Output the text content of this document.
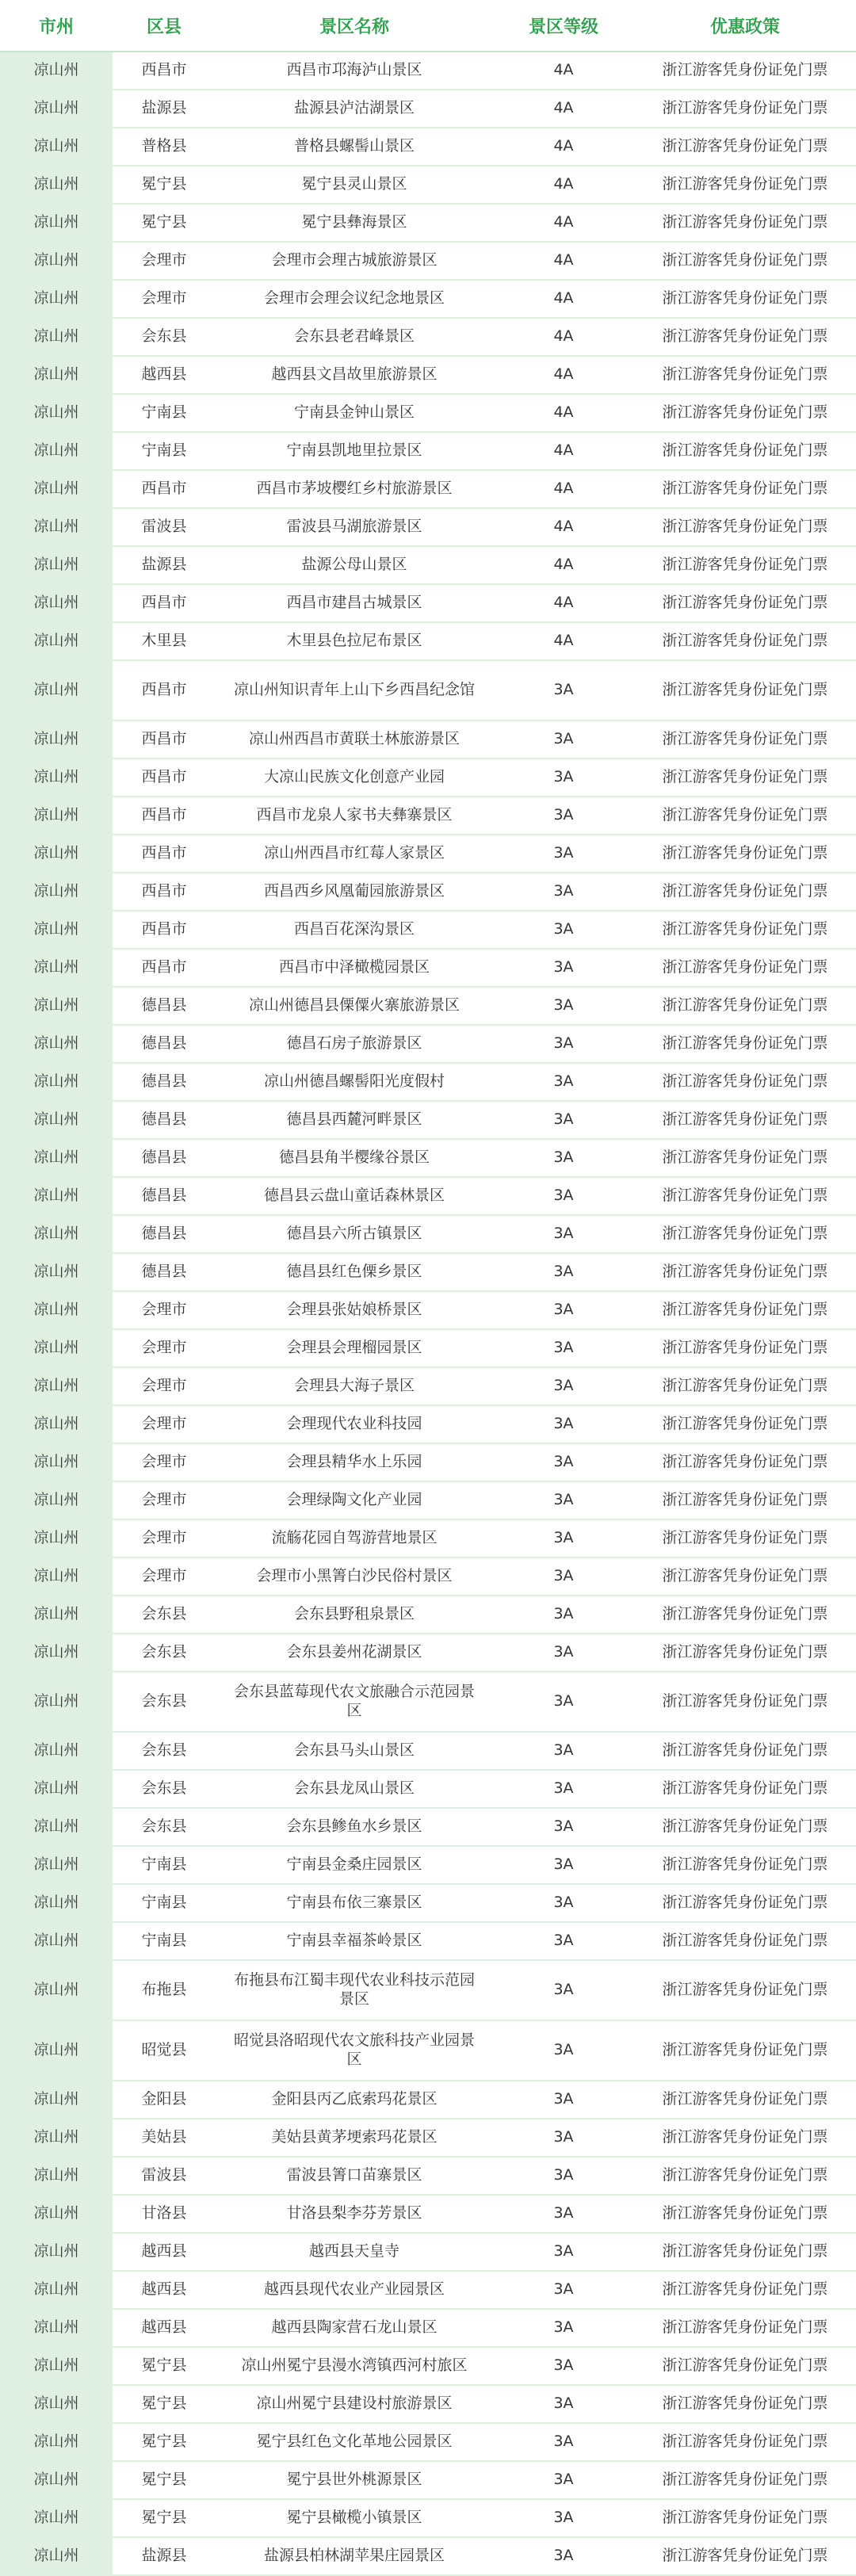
市州	区县	景区名称	景区等级	优惠政策
凉山州	西昌市	西昌市邛海泸山景区	4A	浙江游客凭身份证免门票
凉山州	盐源县	盐源县泸沽湖景区	4A	浙江游客凭身份证免门票
凉山州	普格县	普格县螺髻山景区	4A	浙江游客凭身份证免门票
凉山州	冕宁县	冕宁县灵山景区	4A	浙江游客凭身份证免门票
凉山州	冕宁县	冕宁县彝海景区	4A	浙江游客凭身份证免门票
凉山州	会理市	会理市会理古城旅游景区	4A	浙江游客凭身份证免门票
凉山州	会理市	会理市会理会议纪念地景区	4A	浙江游客凭身份证免门票
凉山州	会东县	会东县老君峰景区	4A	浙江游客凭身份证免门票
凉山州	越西县	越西县文昌故里旅游景区	4A	浙江游客凭身份证免门票
凉山州	宁南县	宁南县金钟山景区	4A	浙江游客凭身份证免门票
凉山州	宁南县	宁南县凯地里拉景区	4A	浙江游客凭身份证免门票
凉山州	西昌市	西昌市茅坡樱红乡村旅游景区	4A	浙江游客凭身份证免门票
凉山州	雷波县	雷波县马湖旅游景区	4A	浙江游客凭身份证免门票
凉山州	盐源县	盐源公母山景区	4A	浙江游客凭身份证免门票
凉山州	西昌市	西昌市建昌古城景区	4A	浙江游客凭身份证免门票
凉山州	木里县	木里县色拉尼布景区	4A	浙江游客凭身份证免门票
凉山州	西昌市	凉山州知识青年上山下乡西昌纪念馆	3A	浙江游客凭身份证免门票
凉山州	西昌市	凉山州西昌市黄联土林旅游景区	3A	浙江游客凭身份证免门票
凉山州	西昌市	大凉山民族文化创意产业园	3A	浙江游客凭身份证免门票
凉山州	西昌市	西昌市龙泉人家书夫彝寨景区	3A	浙江游客凭身份证免门票
凉山州	西昌市	凉山州西昌市红莓人家景区	3A	浙江游客凭身份证免门票
凉山州	西昌市	西昌西乡风凰葡园旅游景区	3A	浙江游客凭身份证免门票
凉山州	西昌市	西昌百花深沟景区	3A	浙江游客凭身份证免门票
凉山州	西昌市	西昌市中泽橄榄园景区	3A	浙江游客凭身份证免门票
凉山州	德昌县	凉山州德昌县傈僳火寨旅游景区	3A	浙江游客凭身份证免门票
凉山州	德昌县	德昌石房子旅游景区	3A	浙江游客凭身份证免门票
凉山州	德昌县	凉山州德昌螺髻阳光度假村	3A	浙江游客凭身份证免门票
凉山州	德昌县	德昌县西麓河畔景区	3A	浙江游客凭身份证免门票
凉山州	德昌县	德昌县角半樱缘谷景区	3A	浙江游客凭身份证免门票
凉山州	德昌县	德昌县云盘山童话森林景区	3A	浙江游客凭身份证免门票
凉山州	德昌县	德昌县六所古镇景区	3A	浙江游客凭身份证免门票
凉山州	德昌县	德昌县红色傈乡景区	3A	浙江游客凭身份证免门票
凉山州	会理市	会理县张姑娘桥景区	3A	浙江游客凭身份证免门票
凉山州	会理市	会理县会理榴园景区	3A	浙江游客凭身份证免门票
凉山州	会理市	会理县大海子景区	3A	浙江游客凭身份证免门票
凉山州	会理市	会理现代农业科技园	3A	浙江游客凭身份证免门票
凉山州	会理市	会理县精华水上乐园	3A	浙江游客凭身份证免门票
凉山州	会理市	会理绿陶文化产业园	3A	浙江游客凭身份证免门票
凉山州	会理市	流觞花园自驾游营地景区	3A	浙江游客凭身份证免门票
凉山州	会理市	会理市小黑箐白沙民俗村景区	3A	浙江游客凭身份证免门票
凉山州	会东县	会东县野租泉景区	3A	浙江游客凭身份证免门票
凉山州	会东县	会东县姜州花湖景区	3A	浙江游客凭身份证免门票
凉山州	会东县	会东县蓝莓现代农文旅融合示范园景区	3A	浙江游客凭身份证免门票
凉山州	会东县	会东县马头山景区	3A	浙江游客凭身份证免门票
凉山州	会东县	会东县龙凤山景区	3A	浙江游客凭身份证免门票
凉山州	会东县	会东县鲹鱼水乡景区	3A	浙江游客凭身份证免门票
凉山州	宁南县	宁南县金桑庄园景区	3A	浙江游客凭身份证免门票
凉山州	宁南县	宁南县布依三寨景区	3A	浙江游客凭身份证免门票
凉山州	宁南县	宁南县幸福茶岭景区	3A	浙江游客凭身份证免门票
凉山州	布拖县	布拖县布江蜀丰现代农业科技示范园景区	3A	浙江游客凭身份证免门票
凉山州	昭觉县	昭觉县洛昭现代农文旅科技产业园景区	3A	浙江游客凭身份证免门票
凉山州	金阳县	金阳县丙乙底索玛花景区	3A	浙江游客凭身份证免门票
凉山州	美姑县	美姑县黄茅埂索玛花景区	3A	浙江游客凭身份证免门票
凉山州	雷波县	雷波县箐口苗寨景区	3A	浙江游客凭身份证免门票
凉山州	甘洛县	甘洛县梨李芬芳景区	3A	浙江游客凭身份证免门票
凉山州	越西县	越西县天皇寺	3A	浙江游客凭身份证免门票
凉山州	越西县	越西县现代农业产业园景区	3A	浙江游客凭身份证免门票
凉山州	越西县	越西县陶家营石龙山景区	3A	浙江游客凭身份证免门票
凉山州	冕宁县	凉山州冕宁县漫水湾镇西河村旅区	3A	浙江游客凭身份证免门票
凉山州	冕宁县	凉山州冕宁县建设村旅游景区	3A	浙江游客凭身份证免门票
凉山州	冕宁县	冕宁县红色文化革地公园景区	3A	浙江游客凭身份证免门票
凉山州	冕宁县	冕宁县世外桃源景区	3A	浙江游客凭身份证免门票
凉山州	冕宁县	冕宁县橄榄小镇景区	3A	浙江游客凭身份证免门票
凉山州	盐源县	盐源县柏林湖苹果庄园景区	3A	浙江游客凭身份证免门票
